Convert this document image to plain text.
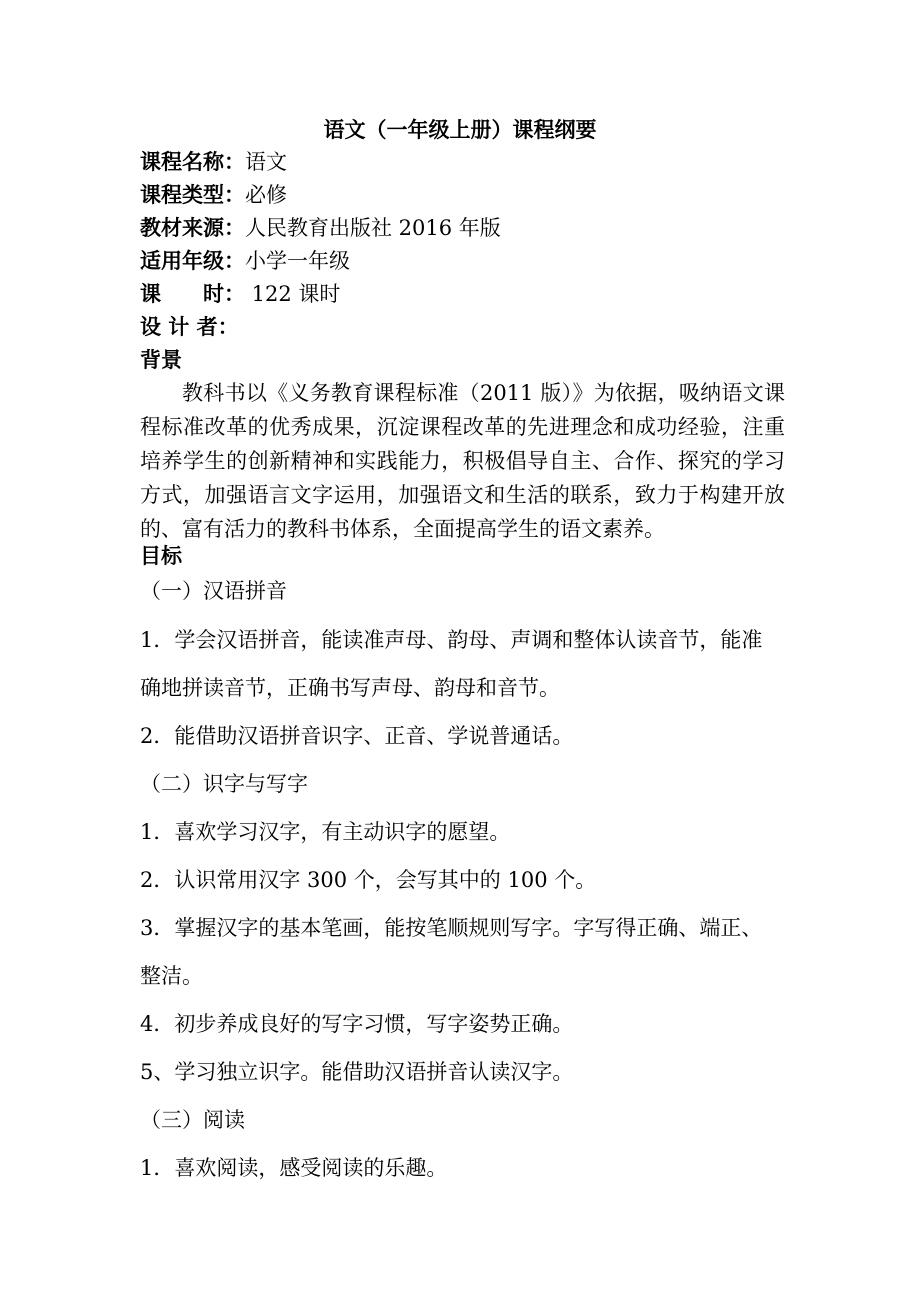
语文（一年级上册）课程纲要
课程名称：语文
课程类型：必修
教材来源：人民教育出版社 2016 年版
适用年级：小学一年级
课　　时： 122 课时
设 计 者：
背景
教科书以《义务教育课程标准（2011 版）》为依据，吸纳语文课程标准改革的优秀成果，沉淀课程改革的先进理念和成功经验，注重培养学生的创新精神和实践能力，积极倡导自主、合作、探究的学习方式，加强语言文字运用，加强语文和生活的联系，致力于构建开放的、富有活力的教科书体系，全面提高学生的语文素养。
目标
（一）汉语拼音
1．学会汉语拼音，能读准声母、韵母、声调和整体认读音节，能准
确地拼读音节，正确书写声母、韵母和音节。
2．能借助汉语拼音识字、正音、学说普通话。
（二）识字与写字
1．喜欢学习汉字，有主动识字的愿望。
2．认识常用汉字 300 个，会写其中的 100 个。
3．掌握汉字的基本笔画，能按笔顺规则写字。字写得正确、端正、
整洁。
4．初步养成良好的写字习惯，写字姿势正确。
5、学习独立识字。能借助汉语拼音认读汉字。
（三）阅读
1．喜欢阅读，感受阅读的乐趣。
